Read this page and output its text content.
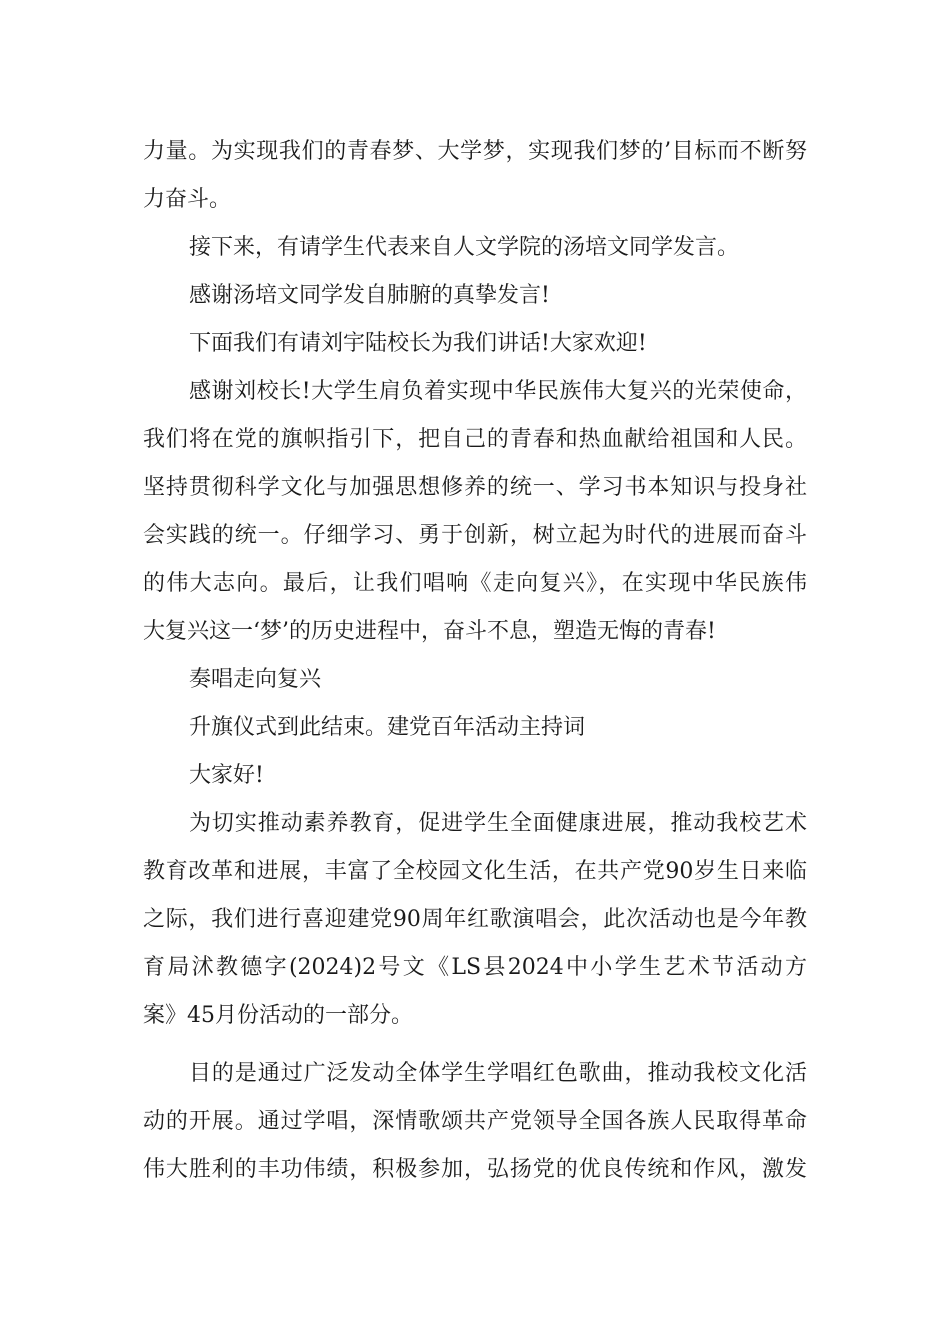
力量。为实现我们的青春梦、大学梦，实现我们梦的’目标而不断努
力奋斗。
接下来，有请学生代表来自人文学院的汤培文同学发言。
感谢汤培文同学发自肺腑的真挚发言!
下面我们有请刘宇陆校长为我们讲话!大家欢迎!
感谢刘校长!大学生肩负着实现中华民族伟大复兴的光荣使命，
我们将在党的旗帜指引下，把自己的青春和热血献给祖国和人民。
坚持贯彻科学文化与加强思想修养的统一、学习书本知识与投身社
会实践的统一。仔细学习、勇于创新，树立起为时代的进展而奋斗
的伟大志向。最后，让我们唱响《走向复兴》，在实现中华民族伟
大复兴这一‘梦’的历史进程中，奋斗不息，塑造无悔的青春!
奏唱走向复兴
升旗仪式到此结束。建党百年活动主持词
大家好!
为切实推动素养教育，促进学生全面健康进展，推动我校艺术
教育改革和进展，丰富了全校园文化生活，在共产党90岁生日来临
之际，我们进行喜迎建党90周年红歌演唱会，此次活动也是今年教
育局沭教德字(2024)2号文《LS县2024中小学生艺术节活动方
案》45月份活动的一部分。
目的是通过广泛发动全体学生学唱红色歌曲，推动我校文化活
动的开展。通过学唱，深情歌颂共产党领导全国各族人民取得革命
伟大胜利的丰功伟绩，积极参加，弘扬党的优良传统和作风，激发
